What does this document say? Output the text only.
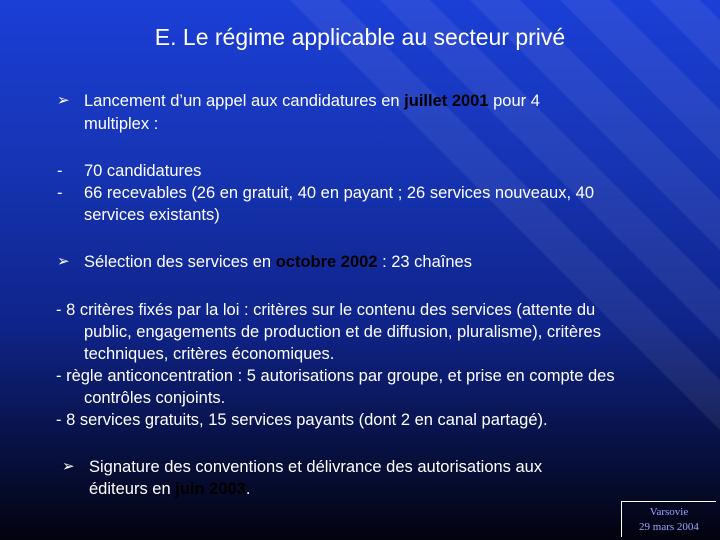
E. Le régime applicable au secteur privé
➢ Lancement d’un appel aux candidatures en juillet 2001 pour 4
multiplex :
- 70 candidatures
- 66 recevables (26 en gratuit, 40 en payant ; 26 services nouveaux, 40
services existants)
➢ Sélection des services en octobre 2002 : 23 chaînes
- 8 critères fixés par la loi : critères sur le contenu des services (attente du
public, engagements de production et de diffusion, pluralisme), critères
techniques, critères économiques.
- règle anticoncentration : 5 autorisations par groupe, et prise en compte des
contrôles conjoints.
- 8 services gratuits, 15 services payants (dont 2 en canal partagé).
➢ Signature des conventions et délivrance des autorisations aux
éditeurs en juin 2003.
Varsovie
29 mars 2004
